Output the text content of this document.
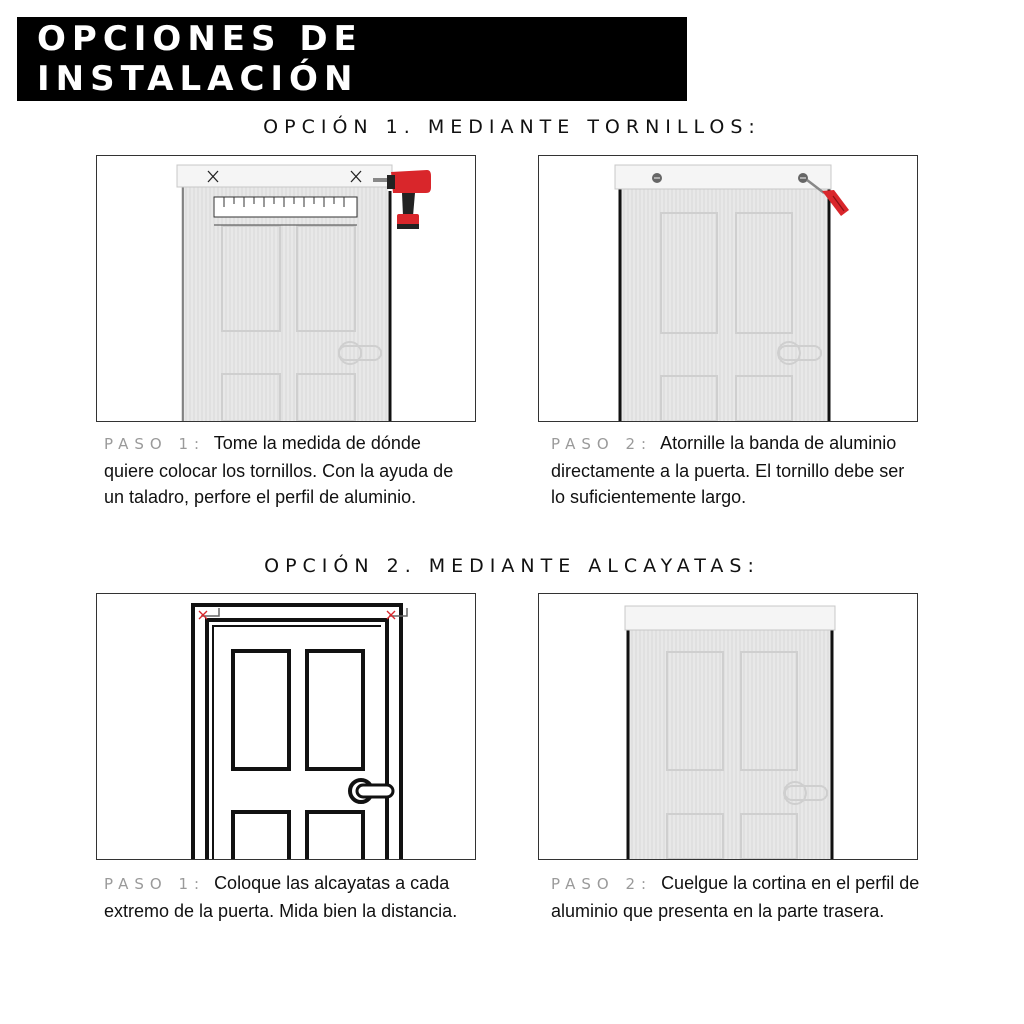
OPCIONES DE INSTALACIÓN
OPCIÓN 1. MEDIANTE TORNILLOS:
PASO 1: Tome la medida de dónde quiere colocar los tornillos. Con la ayuda de un taladro, perfore el perfil de aluminio.
PASO 2: Atornille la banda de aluminio directamente a la puerta. El tornillo debe ser lo suficientemente largo.
OPCIÓN 2. MEDIANTE ALCAYATAS:
PASO 1: Coloque las alcayatas a cada extremo de la puerta. Mida bien la distancia.
PASO 2: Cuelgue la cortina en el perfil de aluminio que presenta en la parte trasera.
